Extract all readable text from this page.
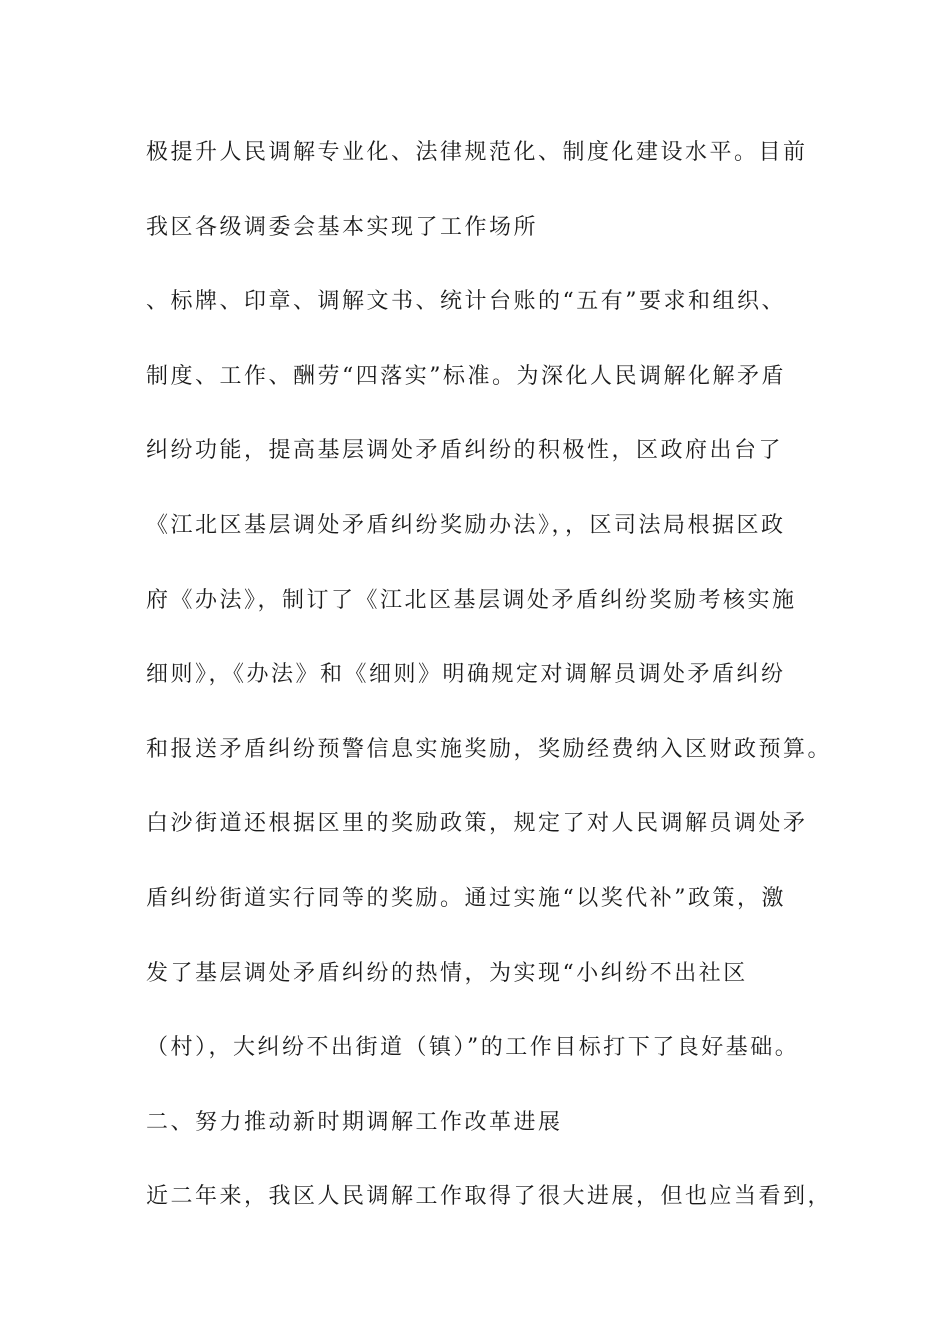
极提升人民调解专业化、法律规范化、制度化建设水平。目前
我区各级调委会基本实现了工作场所
、标牌、印章、调解文书、统计台账的“五有”要求和组织、
制度、工作、酬劳“四落实”标准。为深化人民调解化解矛盾
纠纷功能，提高基层调处矛盾纠纷的积极性，区政府出台了
《江北区基层调处矛盾纠纷奖励办法》，，区司法局根据区政
府《办法》，制订了《江北区基层调处矛盾纠纷奖励考核实施
细则》，《办法》和《细则》明确规定对调解员调处矛盾纠纷
和报送矛盾纠纷预警信息实施奖励，奖励经费纳入区财政预算。
白沙街道还根据区里的奖励政策，规定了对人民调解员调处矛
盾纠纷街道实行同等的奖励。通过实施“以奖代补”政策，激
发了基层调处矛盾纠纷的热情，为实现“小纠纷不出社区
（村），大纠纷不出街道（镇）”的工作目标打下了良好基础。
二、努力推动新时期调解工作改革进展
近二年来，我区人民调解工作取得了很大进展，但也应当看到，
